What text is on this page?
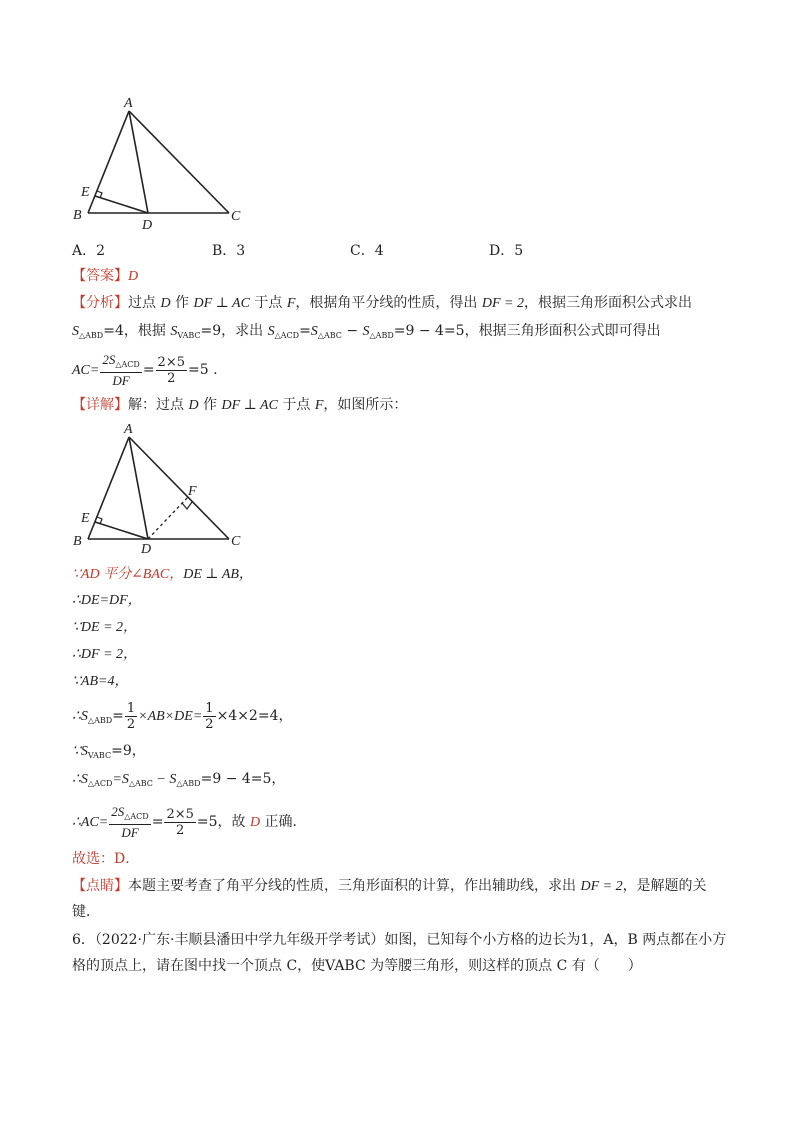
A
B	C
D
E
A．2	B．3	C．4	D．5
【答案】D
【分析】过点 D 作 DF ⊥ AC 于点 F，根据角平分线的性质，得出 DF = 2，根据三角形面积公式求出
$S_{\triangle ABD}=4$，根据 $S_{VABC}=9$，求出 $S_{\triangle ACD}=S_{\triangle ABC} - S_{\triangle ABD}=9 - 4=5$，根据三角形面积公式即可得出
$AC= \frac{2S_{\triangle ACD}}{DF} = \frac{2\times 5}{2} =5$ .
【详解】解：过点 D 作 DF ⊥ AC 于点 F，如图所示：
A
B	C
D
E
F
∵AD 平分∠BAC，DE ⊥ AB，
∴DE=DF，
∵DE = 2，
∴DF = 2，
∵AB=4，
$\therefore S_{\triangle ABD}= \frac{1}{2} \times AB\times DE= \frac{1}{2} \times 4\times 2=4$，
$\because S_{VABC}=9$，
$\therefore S_{\triangle ACD}=S_{\triangle ABC} - S_{\triangle ABD}=9 - 4=5$，
∴AC= $\frac{2S_{\triangle ACD}}{DF} = \frac{2\times 5}{2} =5$，故 D 正确．
故选：D．
【点睛】本题主要考查了角平分线的性质，三角形面积的计算，作出辅助线，求出 DF = 2，是解题的关
键．
6．（2022·广东·丰顺县潘田中学九年级开学考试）如图，已知每个小方格的边长为1，A，B 两点都在小方
格的顶点上，请在图中找一个顶点 C，使VABC 为等腰三角形，则这样的顶点 C 有（　　）
